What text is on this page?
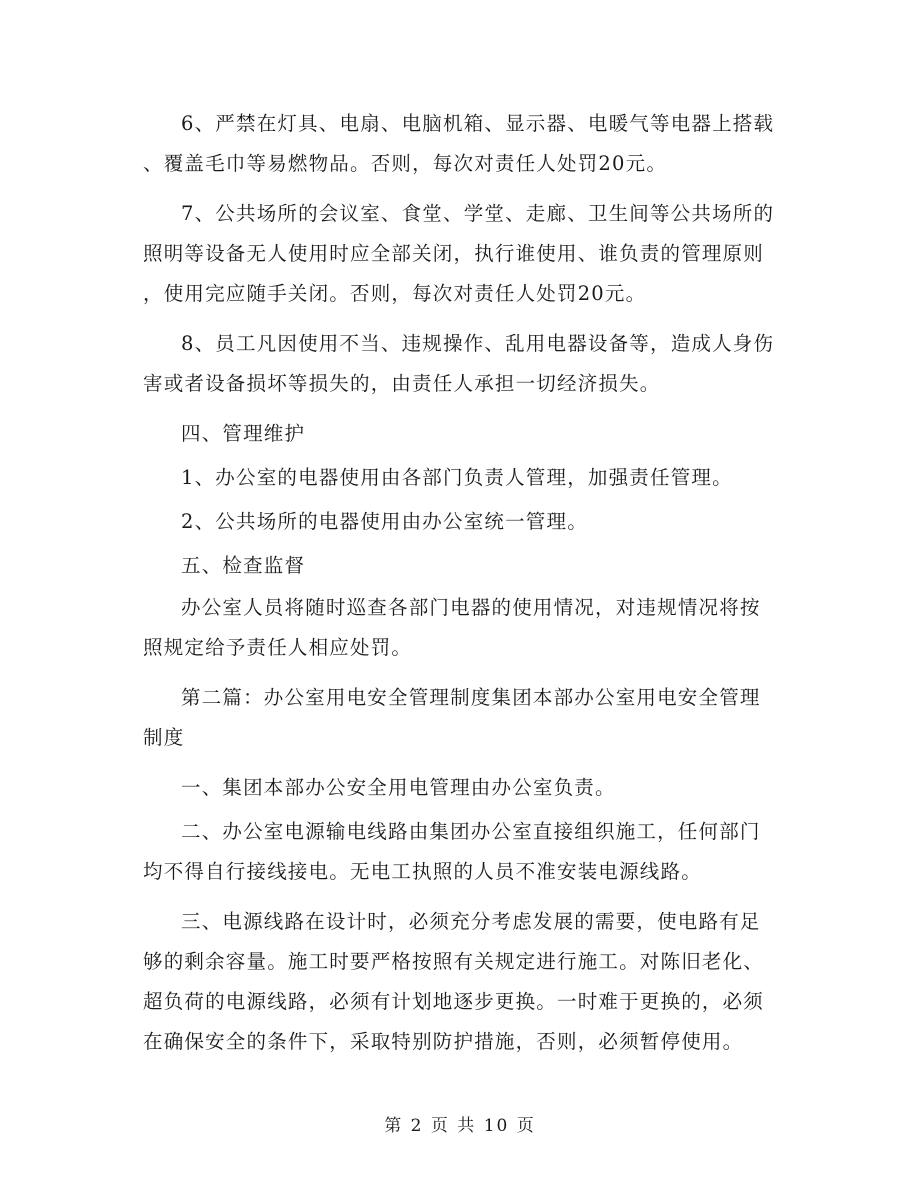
6、严禁在灯具、电扇、电脑机箱、显示器、电暖气等电器上搭载
、覆盖毛巾等易燃物品。否则，每次对责任人处罚20元。

7、公共场所的会议室、食堂、学堂、走廊、卫生间等公共场所的
照明等设备无人使用时应全部关闭，执行谁使用、谁负责的管理原则
，使用完应随手关闭。否则，每次对责任人处罚20元。

8、员工凡因使用不当、违规操作、乱用电器设备等，造成人身伤
害或者设备损坏等损失的，由责任人承担一切经济损失。

四、管理维护

1、办公室的电器使用由各部门负责人管理，加强责任管理。

2、公共场所的电器使用由办公室统一管理。

五、检查监督

办公室人员将随时巡查各部门电器的使用情况，对违规情况将按
照规定给予责任人相应处罚。

第二篇：办公室用电安全管理制度集团本部办公室用电安全管理
制度

一、集团本部办公安全用电管理由办公室负责。

二、办公室电源输电线路由集团办公室直接组织施工，任何部门
均不得自行接线接电。无电工执照的人员不准安装电源线路。

三、电源线路在设计时，必须充分考虑发展的需要，使电路有足
够的剩余容量。施工时要严格按照有关规定进行施工。对陈旧老化、
超负荷的电源线路，必须有计划地逐步更换。一时难于更换的，必须
在确保安全的条件下，采取特别防护措施，否则，必须暂停使用。

第 2 页 共 10 页
